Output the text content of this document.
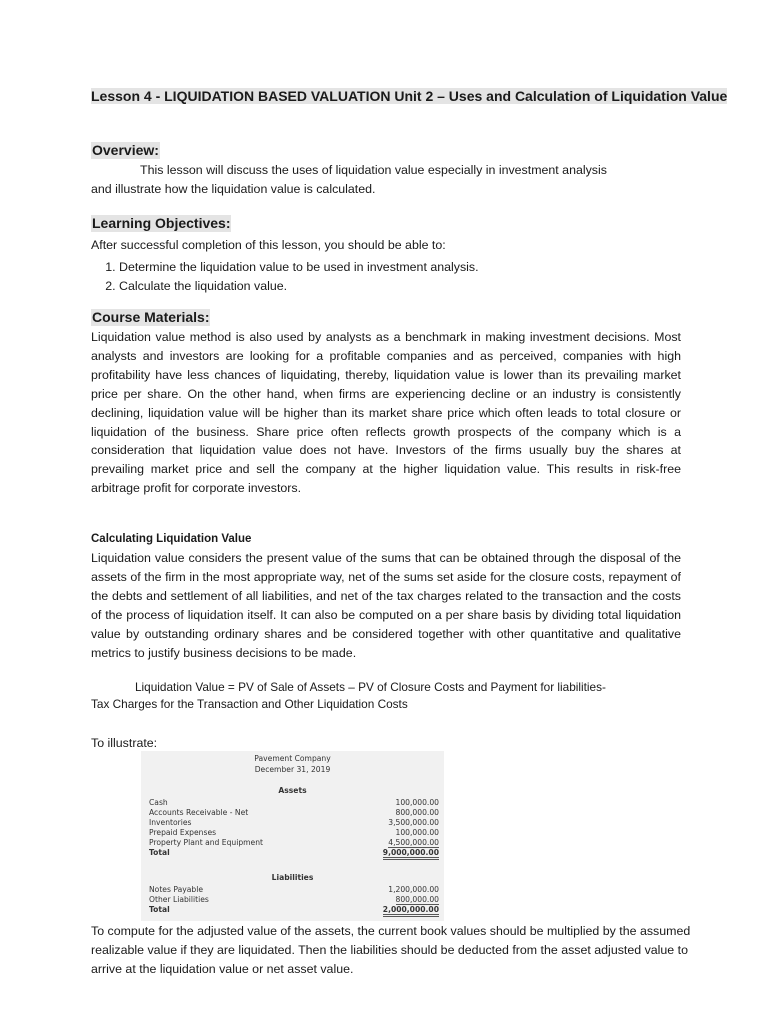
Lesson 4 - LIQUIDATION BASED VALUATION Unit 2 – Uses and Calculation of Liquidation Value
Overview:
This lesson will discuss the uses of liquidation value especially in investment analysis
and illustrate how the liquidation value is calculated.
Learning Objectives:
After successful completion of this lesson, you should be able to:
1. Determine the liquidation value to be used in investment analysis.
2. Calculate the liquidation value.
Course Materials:

Liquidation value method is also used by analysts as a benchmark in making investment decisions. Most analysts and investors are looking for a profitable companies and as perceived, companies with high profitability have less chances of liquidating, thereby, liquidation value is lower than its prevailing market price per share. On the other hand, when firms are experiencing decline or an industry is consistently declining, liquidation value will be higher than its market share price which often leads to total closure or liquidation of the business. Share price often reflects growth prospects of the company which is a consideration that liquidation value does not have. Investors of the firms usually buy the shares at prevailing market price and sell the company at the higher liquidation value. This results in risk-free arbitrage profit for corporate investors.

Calculating Liquidation Value

Liquidation value considers the present value of the sums that can be obtained through the disposal of the assets of the firm in the most appropriate way, net of the sums set aside for the closure costs, repayment of the debts and settlement of all liabilities, and net of the tax charges related to the transaction and the costs of the process of liquidation itself. It can also be computed on a per share basis by dividing total liquidation value by outstanding ordinary shares and be considered together with other quantitative and qualitative metrics to justify business decisions to be made.

Liquidation Value = PV of Sale of Assets – PV of Closure Costs and Payment for liabilities-
Tax Charges for the Transaction and Other Liquidation Costs
To illustrate:
Pavement Company
December 31, 2019
Assets
Cash	100,000.00
Accounts Receivable - Net	800,000.00
Inventories	3,500,000.00
Prepaid Expenses	100,000.00
Property Plant and Equipment	4,500,000.00
Total	9,000,000.00
Liabilities
Notes Payable	1,200,000.00
Other Liabilities	800,000.00
Total	2,000,000.00

To compute for the adjusted value of the assets, the current book values should be multiplied by the assumed realizable value if they are liquidated. Then the liabilities should be deducted from the asset adjusted value to arrive at the liquidation value or net asset value.
